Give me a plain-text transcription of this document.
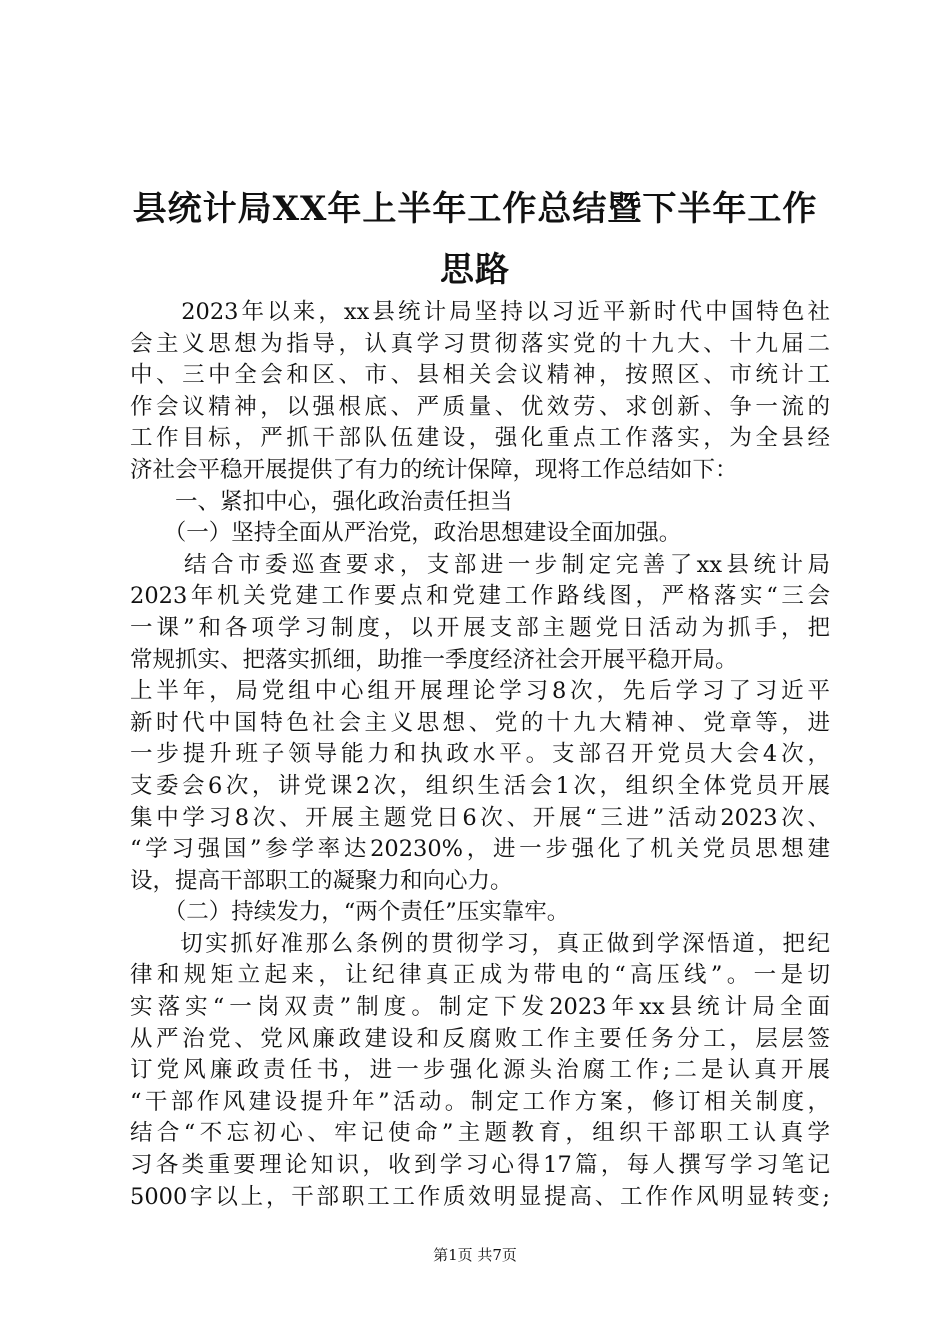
县统计局XX年上半年工作总结暨下半年工作
思路
　　2023年以来，xx县统计局坚持以习近平新时代中国特色社
会主义思想为指导，认真学习贯彻落实党的十九大、十九届二
中、三中全会和区、市、县相关会议精神，按照区、市统计工
作会议精神，以强根底、严质量、优效劳、求创新、争一流的
工作目标，严抓干部队伍建设，强化重点工作落实，为全县经
济社会平稳开展提供了有力的统计保障，现将工作总结如下：
　　一、紧扣中心，强化政治责任担当
　　（一）坚持全面从严治党，政治思想建设全面加强。
　　结合市委巡查要求，支部进一步制定完善了xx县统计局
2023年机关党建工作要点和党建工作路线图，严格落实“三会
一课”和各项学习制度，以开展支部主题党日活动为抓手，把
常规抓实、把落实抓细，助推一季度经济社会开展平稳开局。
上半年，局党组中心组开展理论学习8次，先后学习了习近平
新时代中国特色社会主义思想、党的十九大精神、党章等，进
一步提升班子领导能力和执政水平。支部召开党员大会4次，
支委会6次，讲党课2次，组织生活会1次，组织全体党员开展
集中学习8次、开展主题党日6次、开展“三进”活动2023次、
“学习强国”参学率达20230%，进一步强化了机关党员思想建
设，提高干部职工的凝聚力和向心力。
　　（二）持续发力，“两个责任”压实靠牢。
　　切实抓好准那么条例的贯彻学习，真正做到学深悟道，把纪
律和规矩立起来，让纪律真正成为带电的“高压线”。一是切
实落实“一岗双责”制度。制定下发2023年xx县统计局全面
从严治党、党风廉政建设和反腐败工作主要任务分工，层层签
订党风廉政责任书，进一步强化源头治腐工作;二是认真开展
“干部作风建设提升年”活动。制定工作方案，修订相关制度，
结合“不忘初心、牢记使命”主题教育，组织干部职工认真学
习各类重要理论知识，收到学习心得17篇，每人撰写学习笔记
5000字以上，干部职工工作质效明显提高、工作作风明显转变;
第1页 共7页
